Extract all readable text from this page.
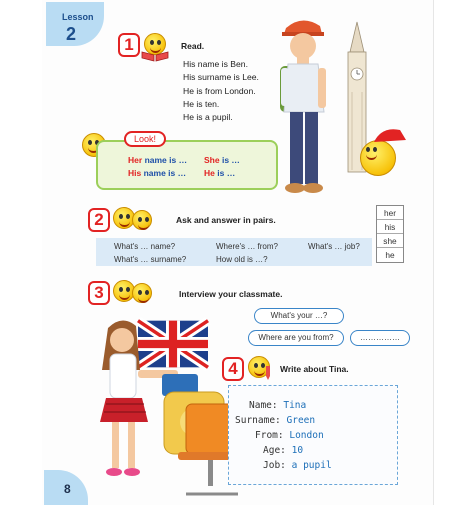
Lesson
2
1	Read.
His name is Ben.
His surname is Lee.
He is from London.
He is ten.
He is a pupil.
Look!
Her name is … She is …
His name is … He is …
2	Ask and answer in pairs.
What's … name?	Where's … from?	What's … job?
What's … surname?	How old is …?
her
his
she
he
3	Interview your classmate.
What's your …?
Where are you from?	……………
4	Write about Tina.
Name: Tina
Surname: Green
From: London
Age: 10
Job: a pupil
8
